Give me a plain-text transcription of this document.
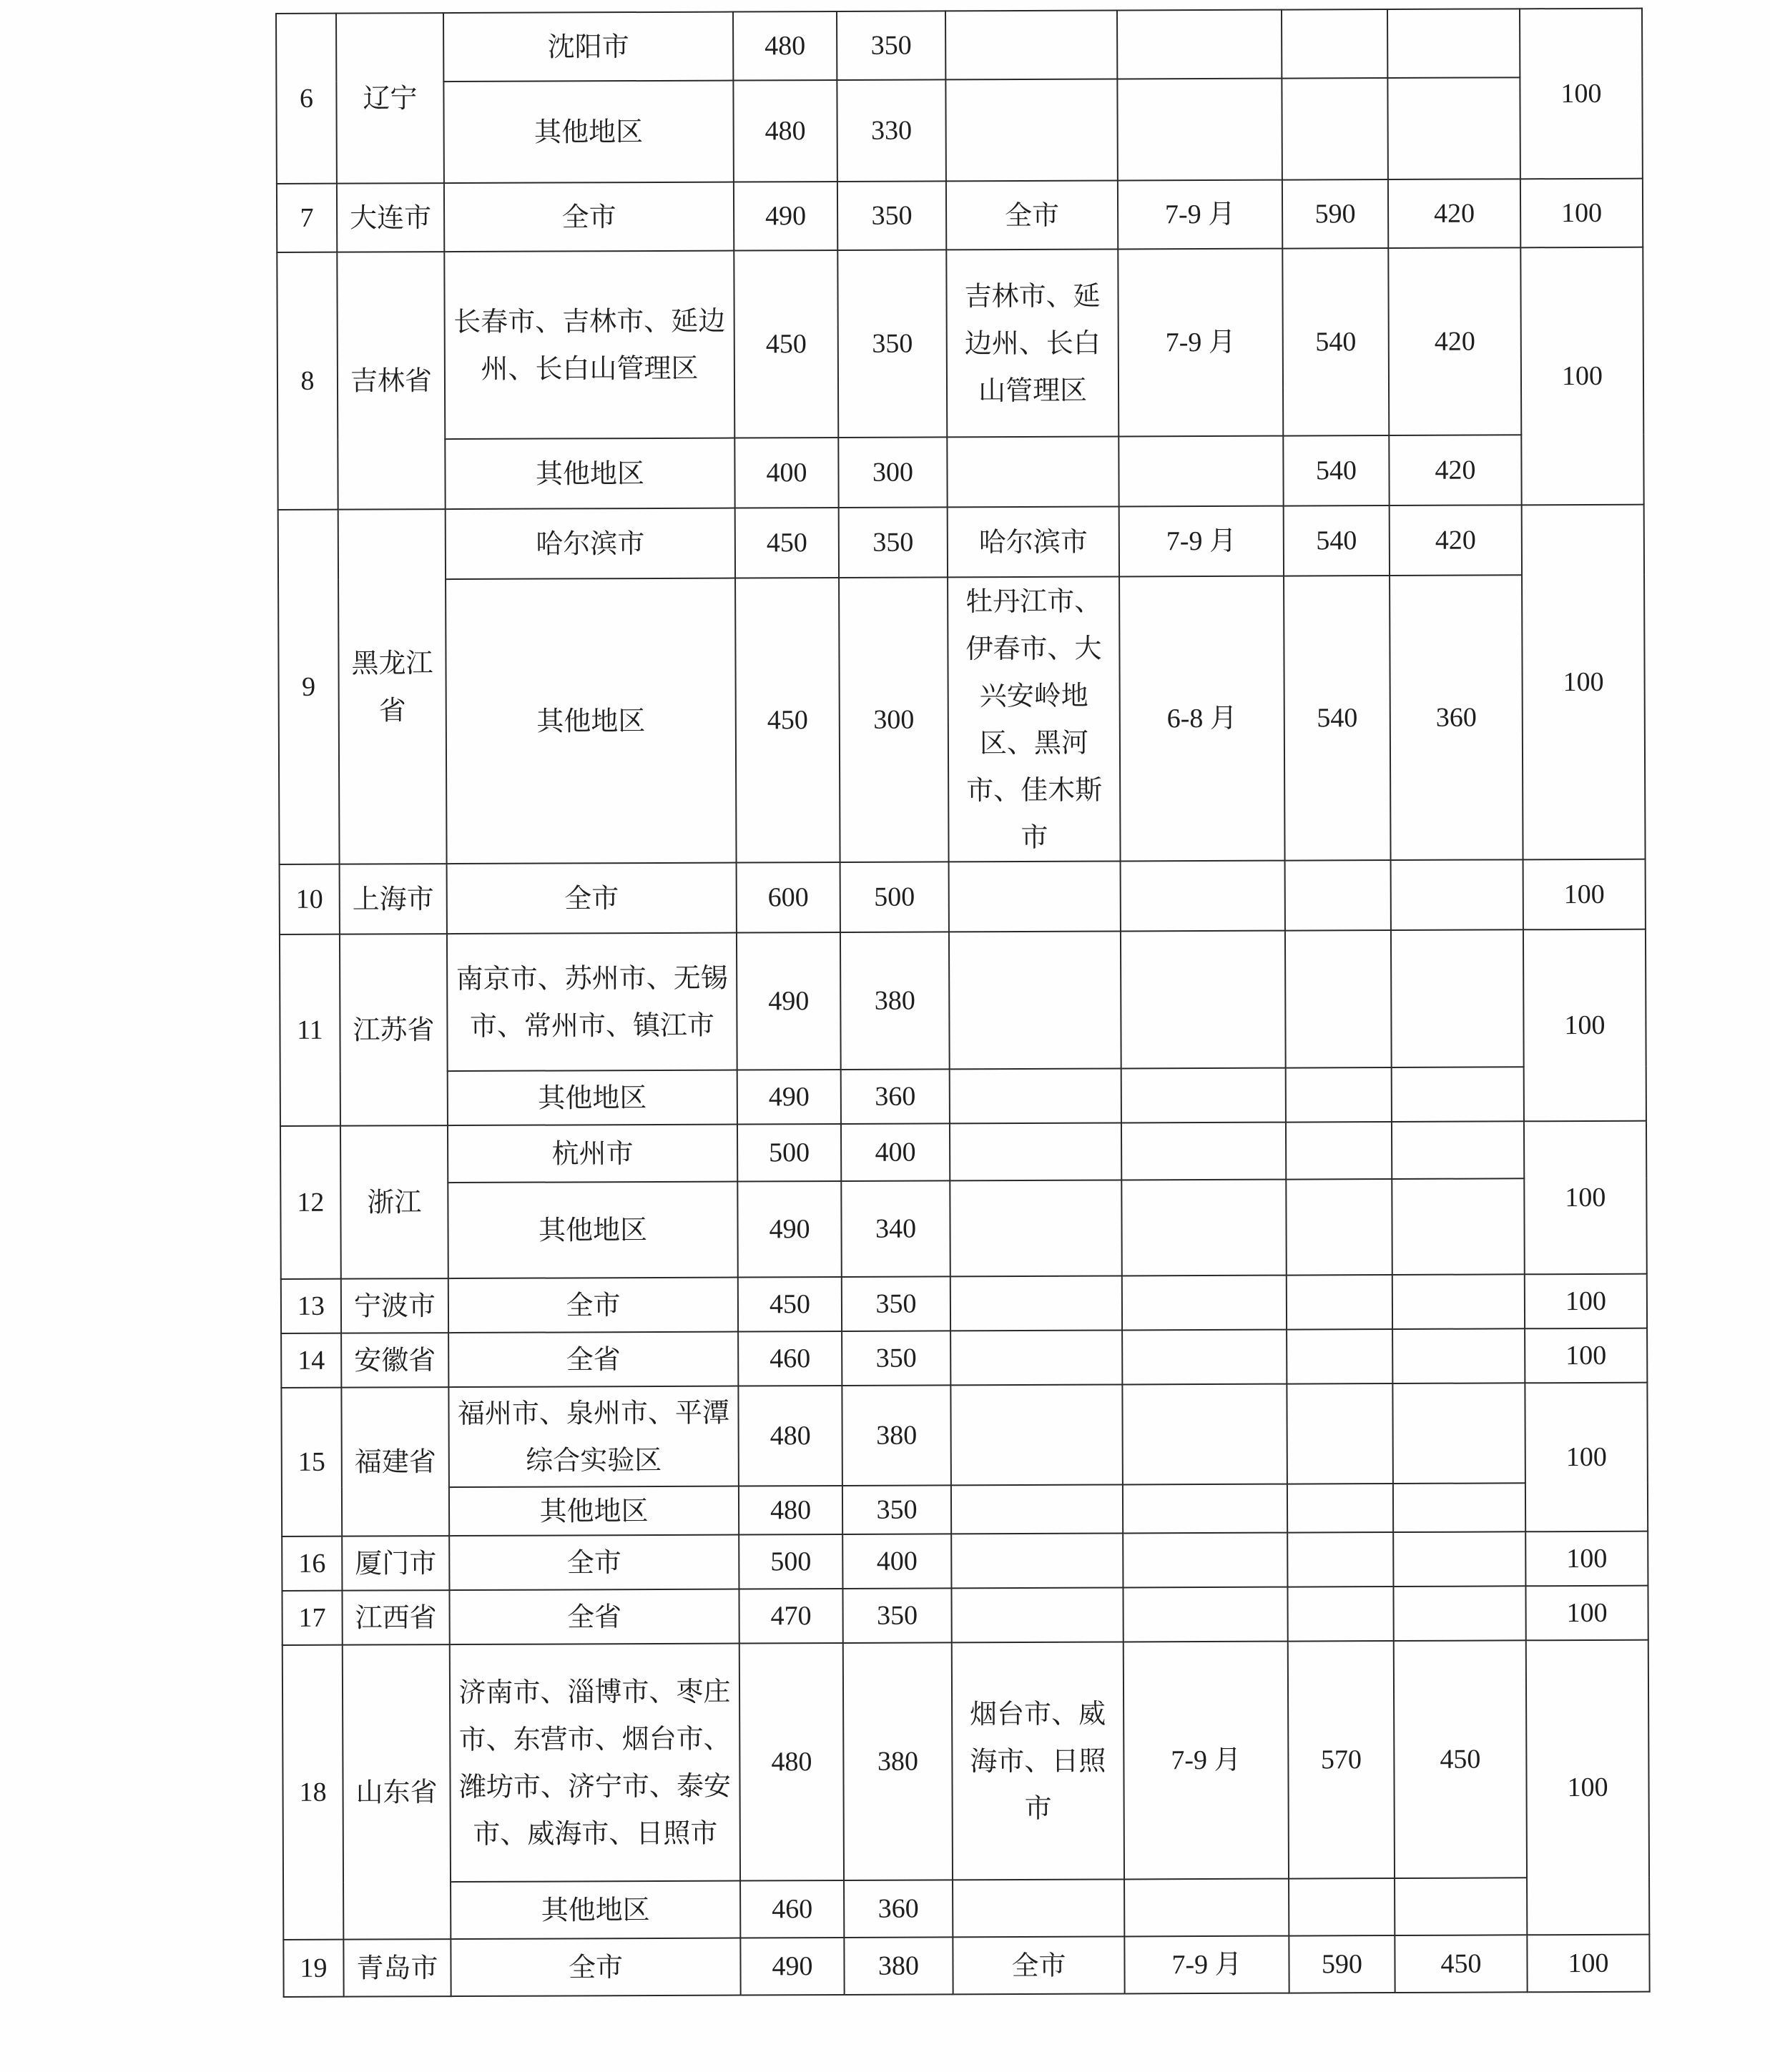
6	辽宁	沈阳市	480	350					100
		其他地区	480	330					
7	大连市	全市	490	350	全市	7-9 月	590	420	100
8	吉林省	长春市、吉林市、延边州、长白山管理区	450	350	吉林市、延边州、长白山管理区	7-9 月	540	420	100
		其他地区	400	300			540	420	
9	黑龙江省	哈尔滨市	450	350	哈尔滨市	7-9 月	540	420	100
		其他地区	450	300	牡丹江市、伊春市、大兴安岭地区、黑河市、佳木斯市	6-8 月	540	360	
10	上海市	全市	600	500					100
11	江苏省	南京市、苏州市、无锡市、常州市、镇江市	490	380					100
		其他地区	490	360					
12	浙江	杭州市	500	400					100
		其他地区	490	340					
13	宁波市	全市	450	350					100
14	安徽省	全省	460	350					100
15	福建省	福州市、泉州市、平潭综合实验区	480	380					100
		其他地区	480	350					
16	厦门市	全市	500	400					100
17	江西省	全省	470	350					100
18	山东省	济南市、淄博市、枣庄市、东营市、烟台市、潍坊市、济宁市、泰安市、威海市、日照市	480	380	烟台市、威海市、日照市	7-9 月	570	450	100
		其他地区	460	360					
19	青岛市	全市	490	380	全市	7-9 月	590	450	100
